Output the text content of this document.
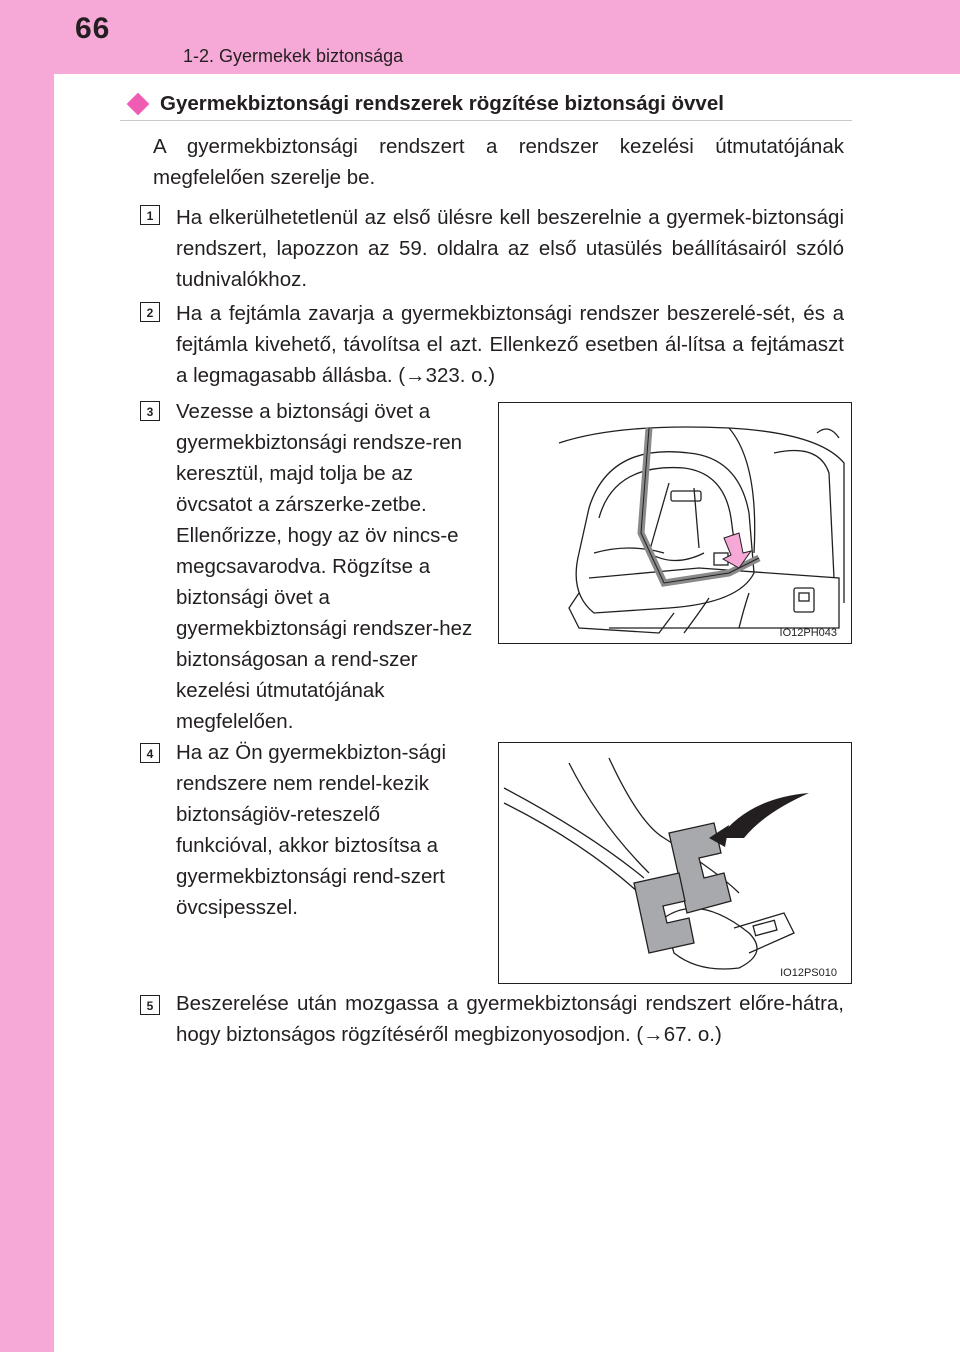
66
1-2. Gyermekek biztonsága
Gyermekbiztonsági rendszerek rögzítése biztonsági övvel
A gyermekbiztonsági rendszert a rendszer kezelési útmutatójának megfelelően szerelje be.
1	Ha elkerülhetetlenül az első ülésre kell beszerelnie a gyermek-biztonsági rendszert, lapozzon az 59. oldalra az első utasülés beállításairól szóló tudnivalókhoz.
2	Ha a fejtámla zavarja a gyermekbiztonsági rendszer beszerelé-sét, és a fejtámla kivehető, távolítsa el azt. Ellenkező esetben ál-lítsa a fejtámaszt a legmagasabb állásba. (→323. o.)
3	Vezesse a biztonsági övet a gyermekbiztonsági rendsze-ren keresztül, majd tolja be az övcsatot a zárszerke-zetbe. Ellenőrizze, hogy az öv nincs-e megcsavarodva. Rögzítse a biztonsági övet a gyermekbiztonsági rendszer-hez biztonságosan a rend-szer kezelési útmutatójának megfelelően.
IO12PH043
4	Ha az Ön gyermekbizton-sági rendszere nem rendel-kezik biztonságiöv-reteszelő funkcióval, akkor biztosítsa a gyermekbiztonsági rend-szert övcsipesszel.
IO12PS010
5	Beszerelése után mozgassa a gyermekbiztonsági rendszert előre-hátra, hogy biztonságos rögzítéséről megbizonyosodjon. (→67. o.)
